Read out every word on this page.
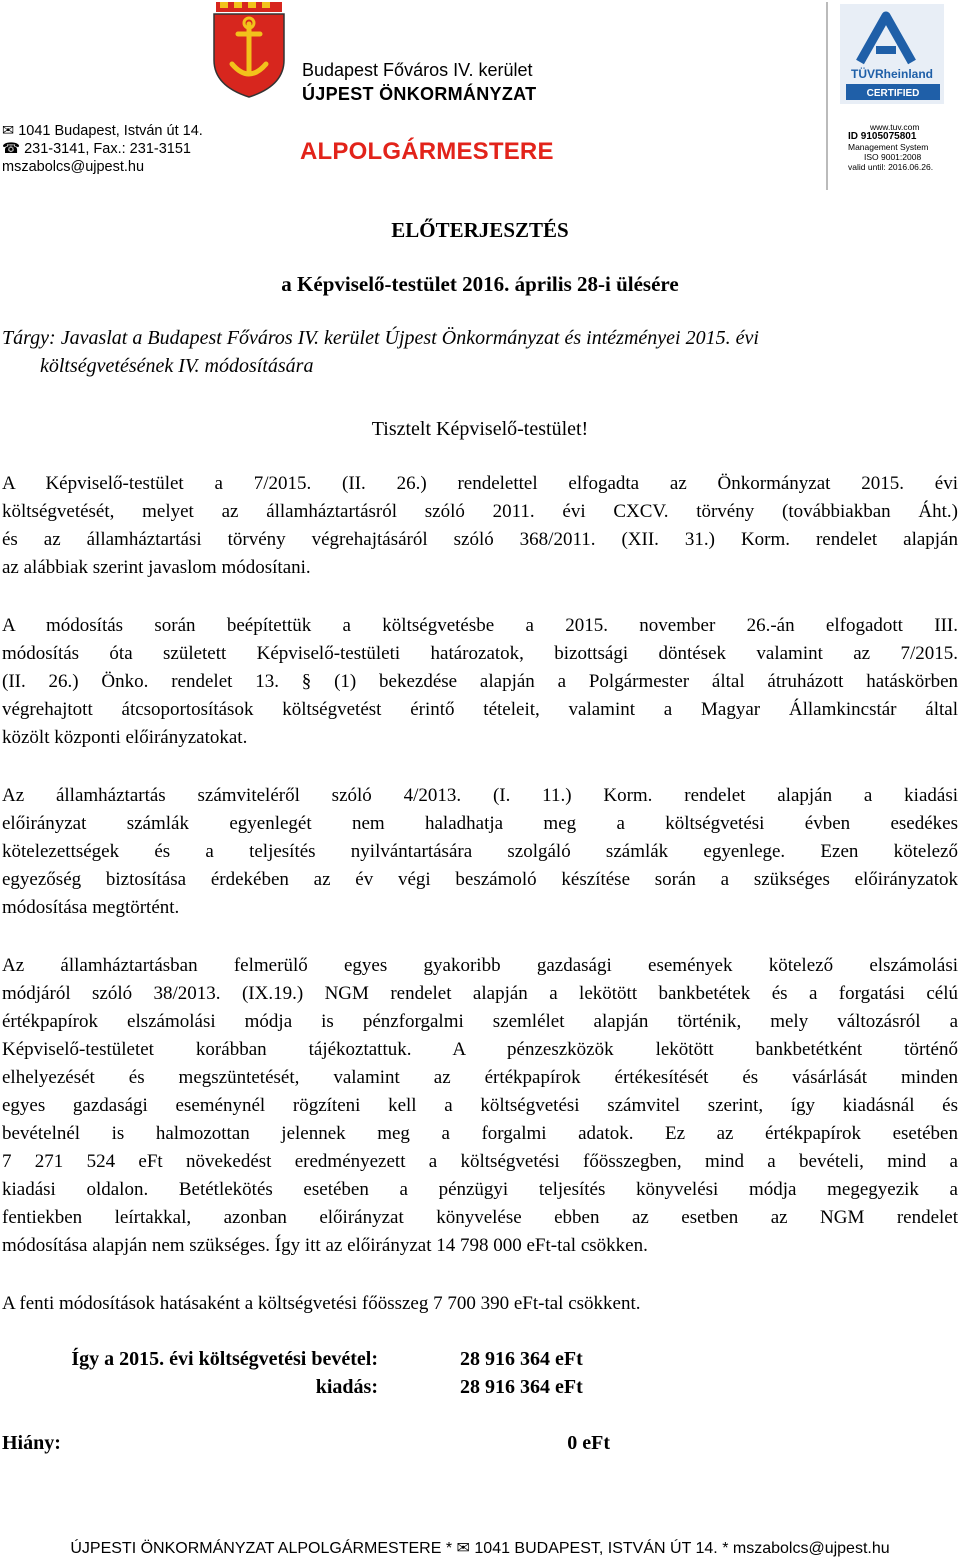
Budapest Főváros IV. kerület
ÚJPEST ÖNKORMÁNYZAT
✉ 1041 Budapest, István út 14.
☎ 231-3141, Fax.: 231-3151
mszabolcs@ujpest.hu
ALPOLGÁRMESTERE
TÜVRheinland
CERTIFIED
www.tuv.com
ID 9105075801
Management System
ISO 9001:2008
valid until: 2016.06.26.
ELŐTERJESZTÉS
a Képviselő-testület 2016. április 28-i ülésére
Tárgy: Javaslat a Budapest Főváros IV. kerület Újpest Önkormányzat és intézményei 2015. évi
költségvetésének IV. módosítására
Tisztelt Képviselő-testület!
A Képviselő-testület a 7/2015. (II. 26.) rendelettel elfogadta az Önkormányzat 2015. évi
költségvetését, melyet az államháztartásról szóló 2011. évi CXCV. törvény (továbbiakban Áht.)
és az államháztartási törvény végrehajtásáról szóló 368/2011. (XII. 31.) Korm. rendelet alapján
az alábbiak szerint javaslom módosítani.
A módosítás során beépítettük a költségvetésbe a 2015. november 26.-án elfogadott III.
módosítás óta született Képviselő-testületi határozatok, bizottsági döntések valamint az 7/2015.
(II. 26.) Önko. rendelet 13. § (1) bekezdése alapján a Polgármester által átruházott hatáskörben
végrehajtott átcsoportosítások költségvetést érintő tételeit, valamint a Magyar Államkincstár által
közölt központi előirányzatokat.
Az államháztartás számviteléről szóló 4/2013. (I. 11.) Korm. rendelet alapján a kiadási
előirányzat számlák egyenlegét nem haladhatja meg a költségvetési évben esedékes
kötelezettségek és a teljesítés nyilvántartására szolgáló számlák egyenlege. Ezen kötelező
egyezőség biztosítása érdekében az év végi beszámoló készítése során a szükséges előirányzatok
módosítása megtörtént.
Az államháztartásban felmerülő egyes gyakoribb gazdasági események kötelező elszámolási
módjáról szóló 38/2013. (IX.19.) NGM rendelet alapján a lekötött bankbetétek és a forgatási célú
értékpapírok elszámolási módja is pénzforgalmi szemlélet alapján történik, mely változásról a
Képviselő-testületet korábban tájékoztattuk. A pénzeszközök lekötött bankbetétként történő
elhelyezését és megszüntetését, valamint az értékpapírok értékesítését és vásárlását minden
egyes gazdasági eseménynél rögzíteni kell a költségvetési számvitel szerint, így kiadásnál és
bevételnél is halmozottan jelennek meg a forgalmi adatok. Ez az értékpapírok esetében
7 271 524 eFt növekedést eredményezett a költségvetési főösszegben, mind a bevételi, mind a
kiadási oldalon. Betétlekötés esetében a pénzügyi teljesítés könyvelési módja megegyezik a
fentiekben leírtakkal, azonban előirányzat könyvelése ebben az esetben az NGM rendelet
módosítása alapján nem szükséges. Így itt az előirányzat 14 798 000 eFt-tal csökken.
A fenti módosítások hatásaként a költségvetési főösszeg 7 700 390 eFt-tal csökkent.
Így a 2015. évi költségvetési bevétel:	28 916 364 eFt
kiadás:	28 916 364 eFt
Hiány:	0 eFt
ÚJPESTI ÖNKORMÁNYZAT ALPOLGÁRMESTERE * ✉ 1041 BUDAPEST, ISTVÁN ÚT 14. * mszabolcs@ujpest.hu
